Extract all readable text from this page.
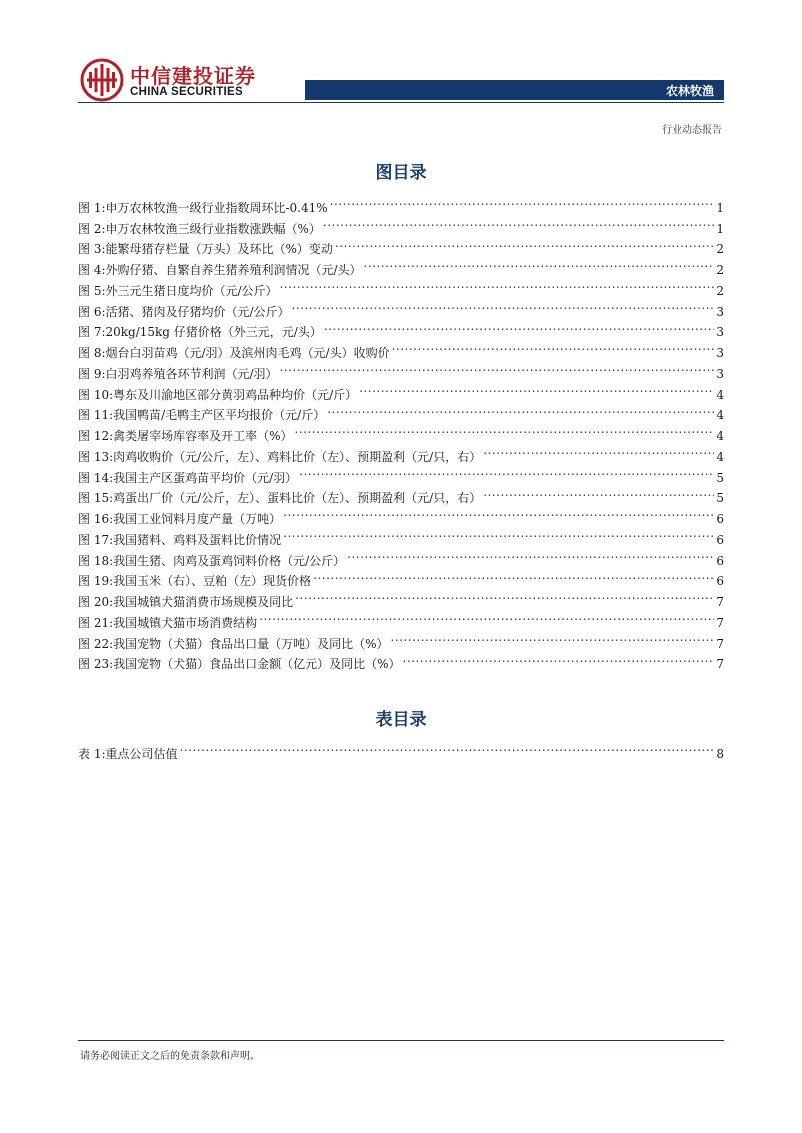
中信建投证券
CHINA SECURITIES	农林牧渔
行业动态报告
图目录
图 1:申万农林牧渔一级行业指数周环比-0.41% .....	1
图 2:申万农林牧渔三级行业指数涨跌幅（%） .....	1
图 3:能繁母猪存栏量（万头）及环比（%）变动 .....	2
图 4:外购仔猪、自繁自养生猪养殖利润情况（元/头） .....	2
图 5:外三元生猪日度均价（元/公斤） .....	2
图 6:活猪、猪肉及仔猪均价（元/公斤） .....	3
图 7:20kg/15kg 仔猪价格（外三元，元/头） .....	3
图 8:烟台白羽苗鸡（元/羽）及滨州肉毛鸡（元/头）收购价 .....	3
图 9:白羽鸡养殖各环节利润（元/羽） .....	3
图 10:粤东及川渝地区部分黄羽鸡品种均价（元/斤） .....	4
图 11:我国鸭苗/毛鸭主产区平均报价（元/斤） .....	4
图 12:禽类屠宰场库容率及开工率（%） .....	4
图 13:肉鸡收购价（元/公斤，左）、鸡料比价（左）、预期盈利（元/只，右） .....	4
图 14:我国主产区蛋鸡苗平均价（元/羽） .....	5
图 15:鸡蛋出厂价（元/公斤，左）、蛋料比价（左）、预期盈利（元/只，右） .....	5
图 16:我国工业饲料月度产量（万吨） .....	6
图 17:我国猪料、鸡料及蛋料比价情况 .....	6
图 18:我国生猪、肉鸡及蛋鸡饲料价格（元/公斤） .....	6
图 19:我国玉米（右）、豆粕（左）现货价格 .....	6
图 20:我国城镇犬猫消费市场规模及同比 .....	7
图 21:我国城镇犬猫市场消费结构 .....	7
图 22:我国宠物（犬猫）食品出口量（万吨）及同比（%） .....	7
图 23:我国宠物（犬猫）食品出口金额（亿元）及同比（%） .....	7
表目录
表 1:重点公司估值 .....	8
请务必阅读正文之后的免责条款和声明。
